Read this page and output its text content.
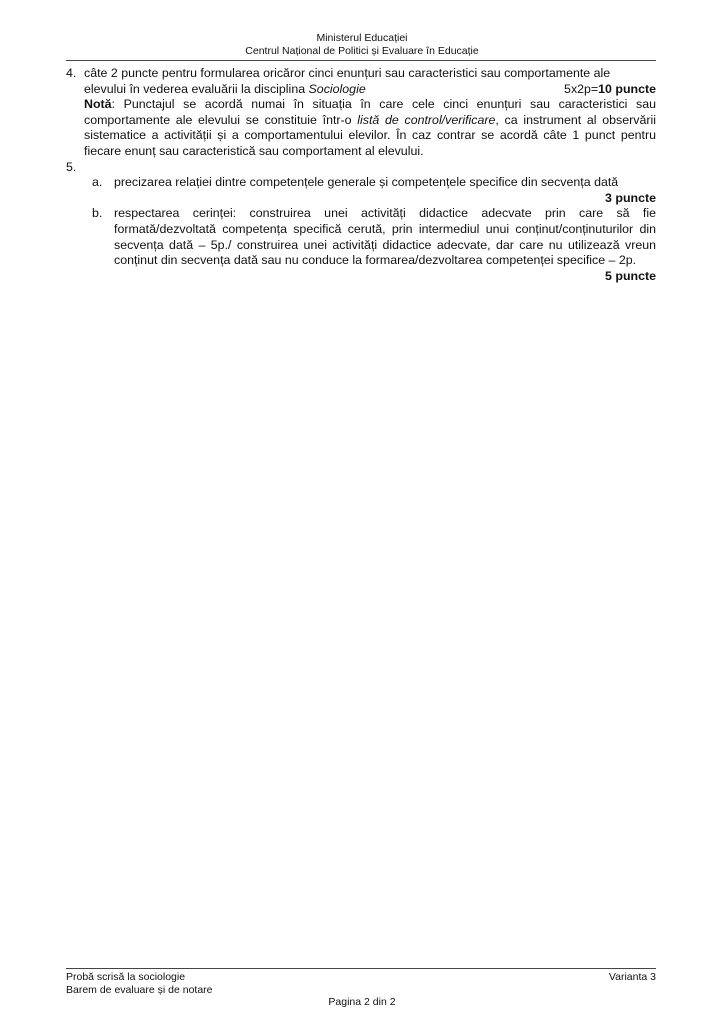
Ministerul Educației
Centrul Național de Politici și Evaluare în Educație
4. câte 2 puncte pentru formularea oricăror cinci enunțuri sau caracteristici sau comportamente ale
elevului în vederea evaluării la disciplina Sociologie	5x2p=10 puncte
Notă: Punctajul se acordă numai în situația în care cele cinci enunțuri sau caracteristici sau comportamente ale elevului se constituie într-o listă de control/verificare, ca instrument al observării sistematice a activității și a comportamentului elevilor. În caz contrar se acordă câte 1 punct pentru fiecare enunț sau caracteristică sau comportament al elevului.
5.
a. precizarea relației dintre competențele generale și competențele specifice din secvența dată
3 puncte
b. respectarea cerinței: construirea unei activități didactice adecvate prin care să fie formată/dezvoltată competența specifică cerută, prin intermediul unui conținut/conținuturilor din secvența dată – 5p./ construirea unei activități didactice adecvate, dar care nu utilizează vreun conținut din secvența dată sau nu conduce la formarea/dezvoltarea competenței specifice – 2p.
5 puncte
Probă scrisă la sociologie	Varianta 3
Barem de evaluare și de notare
Pagina 2 din 2
